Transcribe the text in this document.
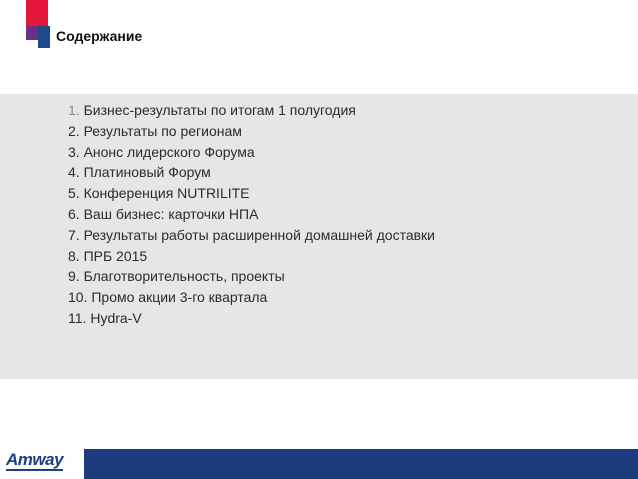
Содержание
1. Бизнес-результаты по итогам 1 полугодия
2. Результаты по регионам
3. Анонс лидерского Форума
4. Платиновый Форум
5. Конференция NUTRILITE
6. Ваш бизнес: карточки НПА
7. Результаты работы расширенной домашней доставки
8. ПРБ 2015
9. Благотворительность, проекты
10. Промо акции 3-го квартала
11. Hydra-V
Amway
